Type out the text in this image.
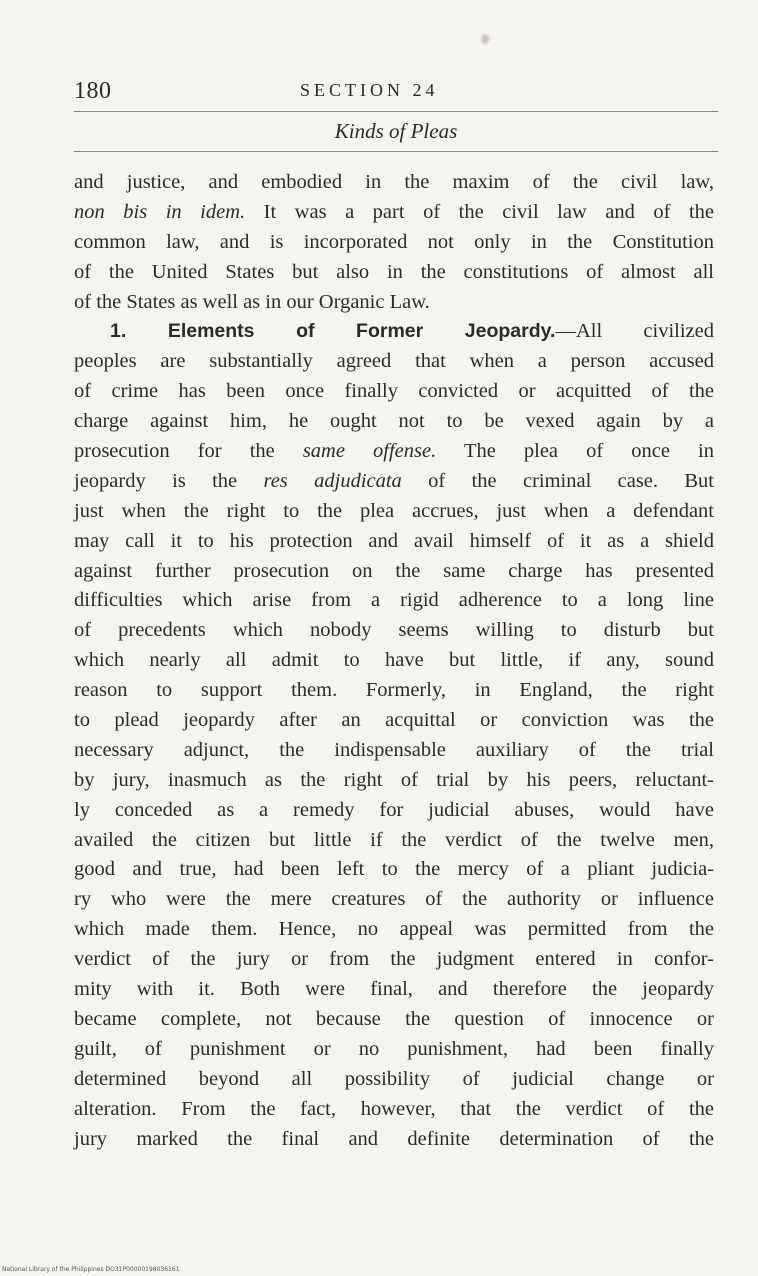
180	SECTION 24
Kinds of Pleas
and justice, and embodied in the maxim of the civil law,
non bis in idem. It was a part of the civil law and of the
common law, and is incorporated not only in the Constitution
of the United States but also in the constitutions of almost all
of the States as well as in our Organic Law.
1. Elements of Former Jeopardy.—All civilized
peoples are substantially agreed that when a person accused
of crime has been once finally convicted or acquitted of the
charge against him, he ought not to be vexed again by a
prosecution for the same offense. The plea of once in
jeopardy is the res adjudicata of the criminal case. But
just when the right to the plea accrues, just when a defendant
may call it to his protection and avail himself of it as a shield
against further prosecution on the same charge has presented
difficulties which arise from a rigid adherence to a long line
of precedents which nobody seems willing to disturb but
which nearly all admit to have but little, if any, sound
reason to support them. Formerly, in England, the right
to plead jeopardy after an acquittal or conviction was the
necessary adjunct, the indispensable auxiliary of the trial
by jury, inasmuch as the right of trial by his peers, reluctant-
ly conceded as a remedy for judicial abuses, would have
availed the citizen but little if the verdict of the twelve men,
good and true, had been left to the mercy of a pliant judicia-
ry who were the mere creatures of the authority or influence
which made them. Hence, no appeal was permitted from the
verdict of the jury or from the judgment entered in confor-
mity with it. Both were final, and therefore the jeopardy
became complete, not because the question of innocence or
guilt, of punishment or no punishment, had been finally
determined beyond all possibility of judicial change or
alteration. From the fact, however, that the verdict of the
jury marked the final and definite determination of the
National Library of the Philippines DO31P00000198036161
